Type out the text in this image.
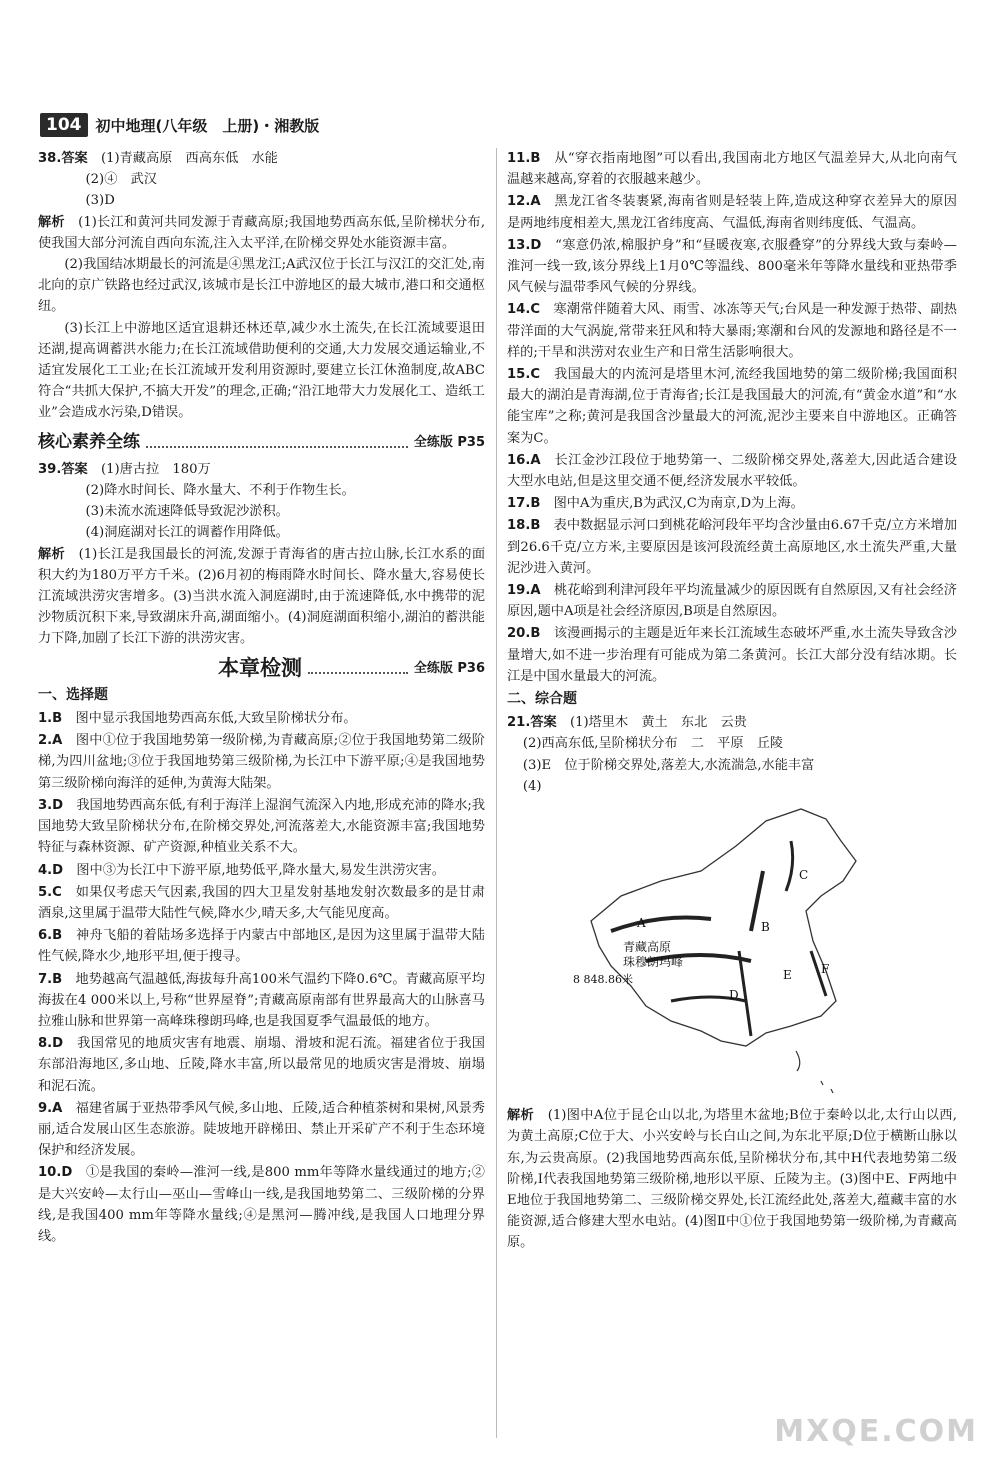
104 初中地理(八年级　上册)・湘教版

38.答案　 (1)青藏高原　西高东低　水能

(2)④　武汉

(3)D

解析　 (1)长江和黄河共同发源于青藏高原;我国地势西高东低,呈阶梯状分布,使我国大部分河流自西向东流,注入太平洋,在阶梯交界处水能资源丰富。

(2)我国结冰期最长的河流是④黑龙江;A武汉位于长江与汉江的交汇处,南北向的京广铁路也经过武汉,该城市是长江中游地区的最大城市,港口和交通枢纽。

(3)长江上中游地区适宜退耕还林还草,减少水土流失,在长江流域要退田还湖,提高调蓄洪水能力;在长江流域借助便利的交通,大力发展交通运输业,不适宜发展化工工业;在长江流域开发利用资源时,要建立长江休渔制度,故ABC符合“共抓大保护,不搞大开发”的理念,正确;“沿江地带大力发展化工、造纸工业”会造成水污染,D错误。

核心素养全练	全练版 P35

39.答案　 (1)唐古拉　180万

(2)降水时间长、降水量大、不利于作物生长。

(3)未流水流速降低导致泥沙淤积。

(4)洞庭湖对长江的调蓄作用降低。

解析　 (1)长江是我国最长的河流,发源于青海省的唐古拉山脉,长江水系的面积大约为180万平方千米。(2)6月初的梅雨降水时间长、降水量大,容易使长江流域洪涝灾害增多。(3)当洪水流入洞庭湖时,由于流速降低,水中携带的泥沙物质沉积下来,导致湖床升高,湖面缩小。(4)洞庭湖面积缩小,湖泊的蓄洪能力下降,加剧了长江下游的洪涝灾害。

本章检测	全练版 P36
一、选择题

1.B　 图中显示我国地势西高东低,大致呈阶梯状分布。

2.A　 图中①位于我国地势第一级阶梯,为青藏高原;②位于我国地势第二级阶梯,为四川盆地;③位于我国地势第三级阶梯,为长江中下游平原;④是我国地势第三级阶梯向海洋的延伸,为黄海大陆架。

3.D　 我国地势西高东低,有利于海洋上湿润气流深入内地,形成充沛的降水;我国地势大致呈阶梯状分布,在阶梯交界处,河流落差大,水能资源丰富;我国地势特征与森林资源、矿产资源,种植业关系不大。

4.D　 图中③为长江中下游平原,地势低平,降水量大,易发生洪涝灾害。

5.C　 如果仅考虑天气因素,我国的四大卫星发射基地发射次数最多的是甘肃酒泉,这里属于温带大陆性气候,降水少,晴天多,大气能见度高。

6.B　 神舟飞船的着陆场多选择于内蒙古中部地区,是因为这里属于温带大陆性气候,降水少,地形平坦,便于搜寻。

7.B　 地势越高气温越低,海拔每升高100米气温约下降0.6℃。青藏高原平均海拔在4 000米以上,号称“世界屋脊”;青藏高原南部有世界最高大的山脉喜马拉雅山脉和世界第一高峰珠穆朗玛峰,也是我国夏季气温最低的地方。

8.D　 我国常见的地质灾害有地震、崩塌、滑坡和泥石流。福建省位于我国东部沿海地区,多山地、丘陵,降水丰富,所以最常见的地质灾害是滑坡、崩塌和泥石流。

9.A　 福建省属于亚热带季风气候,多山地、丘陵,适合种植茶树和果树,风景秀丽,适合发展山区生态旅游。陡坡地开辟梯田、禁止开采矿产不利于生态环境保护和经济发展。

10.D　 ①是我国的秦岭—淮河一线,是800 mm年等降水量线通过的地方;②是大兴安岭—太行山—巫山—雪峰山一线,是我国地势第二、三级阶梯的分界线,是我国400 mm年等降水量线;④是黑河—腾冲线,是我国人口地理分界线。

11.B　 从“穿衣指南地图”可以看出,我国南北方地区气温差异大,从北向南气温越来越高,穿着的衣服越来越少。

12.A　 黑龙江省冬装裹紧,海南省则是轻装上阵,造成这种穿衣差异大的原因是两地纬度相差大,黑龙江省纬度高、气温低,海南省则纬度低、气温高。

13.D　 “寒意仍浓,棉服护身”和“昼暖夜寒,衣服叠穿”的分界线大致与秦岭—淮河一线一致,该分界线上1月0℃等温线、800毫米年等降水量线和亚热带季风气候与温带季风气候的分界线。

14.C　 寒潮常伴随着大风、雨雪、冰冻等天气;台风是一种发源于热带、副热带洋面的大气涡旋,常带来狂风和特大暴雨;寒潮和台风的发源地和路径是不一样的;干旱和洪涝对农业生产和日常生活影响很大。

15.C　 我国最大的内流河是塔里木河,流经我国地势的第二级阶梯;我国面积最大的湖泊是青海湖,位于青海省;长江是我国最大的河流,有“黄金水道”和“水能宝库”之称;黄河是我国含沙量最大的河流,泥沙主要来自中游地区。正确答案为C。

16.A　 长江金沙江段位于地势第一、二级阶梯交界处,落差大,因此适合建设大型水电站,但是这里交通不便,经济发展水平较低。

17.B　 图中A为重庆,B为武汉,C为南京,D为上海。

18.B　 表中数据显示河口到桃花峪河段年平均含沙量由6.67千克/立方米增加到26.6千克/立方米,主要原因是该河段流经黄土高原地区,水土流失严重,大量泥沙进入黄河。

19.A　 桃花峪到利津河段年平均流量减少的原因既有自然原因,又有社会经济原因,题中A项是社会经济原因,B项是自然原因。

20.B　 该漫画揭示的主题是近年来长江流域生态破坏严重,水土流失导致含沙量增大,如不进一步治理有可能成为第二条黄河。长江大部分没有结冰期。长江是中国水量最大的河流。

二、综合题

21.答案　 (1)塔里木　黄土　东北　云贵

(2)西高东低,呈阶梯状分布　二　平原　丘陵

(3)E　位于阶梯交界处,落差大,水流湍急,水能丰富

(4)

A	B
C
D
E F
青藏高原
珠穆朗玛峰
8 848.86米

解析　 (1)图中A位于昆仑山以北,为塔里木盆地;B位于秦岭以北,太行山以西,为黄土高原;C位于大、小兴安岭与长白山之间,为东北平原;D位于横断山脉以东,为云贵高原。(2)我国地势西高东低,呈阶梯状分布,其中H代表地势第二级阶梯,I代表我国地势第三级阶梯,地形以平原、丘陵为主。(3)图中E、F两地中E地位于我国地势第二、三级阶梯交界处,长江流经此处,落差大,蕴藏丰富的水能资源,适合修建大型水电站。(4)图Ⅱ中①位于我国地势第一级阶梯,为青藏高原。

MXQE.COM
